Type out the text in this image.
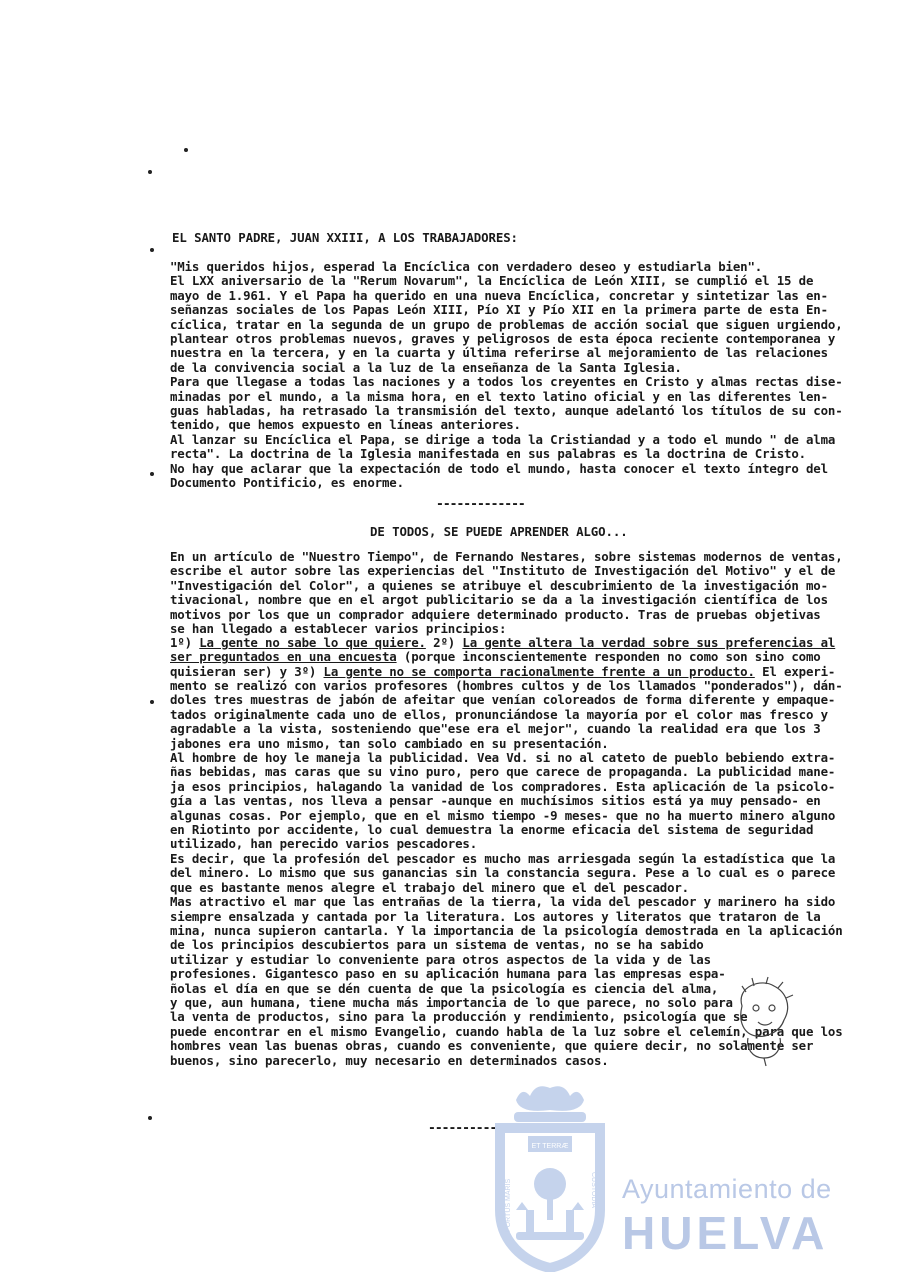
EL SANTO PADRE, JUAN XXIII, A LOS TRABAJADORES:
"Mis queridos hijos, esperad la Encíclica con verdadero deseo y estudiarla bien".
El LXX aniversario de la "Rerum Novarum", la Encíclica de León XIII, se cumplió el 15 de
mayo de 1.961. Y el Papa ha querido en una nueva Encíclica, concretar y sintetizar las en-
señanzas sociales de los Papas León XIII, Pío XI y Pío XII en la primera parte de esta En-
cíclica, tratar en la segunda de un grupo de problemas de acción social que siguen urgiendo,
plantear otros problemas nuevos, graves y peligrosos de esta época reciente contemporanea y
nuestra en la tercera, y en la cuarta y última referirse al mejoramiento de las relaciones
de la convivencia social a la luz de la enseñanza de la Santa Iglesia.
Para que llegase a todas las naciones y a todos los creyentes en Cristo y almas rectas dise-
minadas por el mundo, a la misma hora, en el texto latino oficial y en las diferentes len-
guas habladas, ha retrasado la transmisión del texto, aunque adelantó los títulos de su con-
tenido, que hemos expuesto en líneas anteriores.
Al lanzar su Encíclica el Papa, se dirige a toda la Cristiandad y a todo el mundo " de alma
recta". La doctrina de la Iglesia manifestada en sus palabras es la doctrina de Cristo.
No hay que aclarar que la expectación de todo el mundo, hasta conocer el texto íntegro del
Documento Pontificio, es enorme.
-------------
DE TODOS, SE PUEDE APRENDER ALGO...
En un artículo de "Nuestro Tiempo", de Fernando Nestares, sobre sistemas modernos de ventas,
escribe el autor sobre las experiencias del "Instituto de Investigación del Motivo" y el de
"Investigación del Color", a quienes se atribuye el descubrimiento de la investigación mo-
tivacional, nombre que en el argot publicitario se da a la investigación científica de los
motivos por los que un comprador adquiere determinado producto. Tras de pruebas objetivas
se han llegado a establecer varios principios:
1º) La gente no sabe lo que quiere. 2º) La gente altera la verdad sobre sus preferencias al
ser preguntados en una encuesta (porque inconscientemente responden no como son sino como
quisieran ser) y 3º) La gente no se comporta racionalmente frente a un producto. El experi-
mento se realizó con varios profesores (hombres cultos y de los llamados "ponderados"), dán-
doles tres muestras de jabón de afeitar que venían coloreados de forma diferente y empaque-
tados originalmente cada uno de ellos, pronunciándose la mayoría por el color mas fresco y
agradable a la vista, sosteniendo que"ese era el mejor", cuando la realidad era que los 3
jabones era uno mismo, tan solo cambiado en su presentación.
Al hombre de hoy le maneja la publicidad. Vea Vd. si no al cateto de pueblo bebiendo extra-
ñas bebidas, mas caras que su vino puro, pero que carece de propaganda. La publicidad mane-
ja esos principios, halagando la vanidad de los compradores. Esta aplicación de la psicolo-
gía a las ventas, nos lleva a pensar -aunque en muchísimos sitios está ya muy pensado- en
algunas cosas. Por ejemplo, que en el mismo tiempo -9 meses- que no ha muerto minero alguno
en Riotinto por accidente, lo cual demuestra la enorme eficacia del sistema de seguridad
utilizado, han perecido varios pescadores.
Es decir, que la profesión del pescador es mucho mas arriesgada según la estadística que la
del minero. Lo mismo que sus ganancias sin la constancia segura. Pese a lo cual es o parece
que es bastante menos alegre el trabajo del minero que el del pescador.
Mas atractivo el mar que las entrañas de la tierra, la vida del pescador y marinero ha sido
siempre ensalzada y cantada por la literatura. Los autores y literatos que trataron de la
mina, nunca supieron cantarla. Y la importancia de la psicología demostrada en la aplicación
de los principios descubiertos para un sistema de ventas, no se ha sabido
utilizar y estudiar lo conveniente para otros aspectos de la vida y de las
profesiones. Gigantesco paso en su aplicación humana para las empresas espa-
ñolas el día en que se dén cuenta de que la psicología es ciencia del alma,
y que, aun humana, tiene mucha más importancia de lo que parece, no solo para
la venta de productos, sino para la producción y rendimiento, psicología que se
puede encontrar en el mismo Evangelio, cuando habla de la luz sobre el celemín, para que los
hombres vean las buenas obras, cuando es conveniente, que quiere decir, no solamente ser
buenos, sino parecerlo, muy necesario en determinados casos.
-----------
ET TERRÆ
PORTUS MARIS	CUSTODIA Ayuntamiento de
HUELVA
